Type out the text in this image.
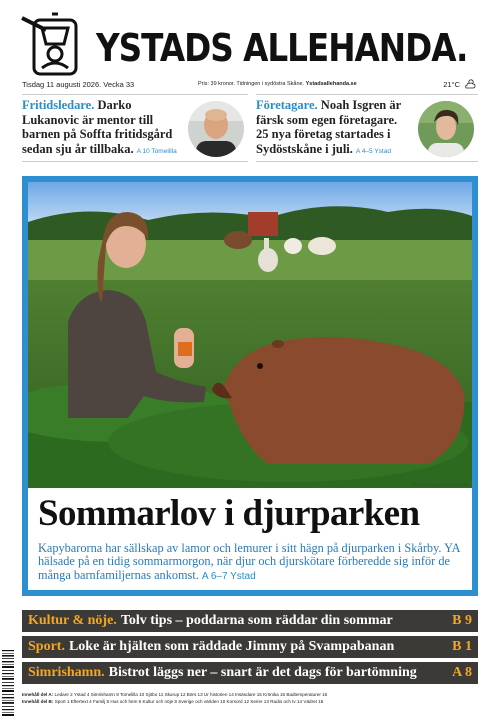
YSTADS ALLEHANDA.
Tisdag 11 augusti 2026. Vecka 33	Pris: 39 kronor. Tidningen i sydöstra Skåne. Ystadsallehanda.se	21°C
Fritidsledare. Darko Lukanovic är mentor till barnen på Soffta fritidsgård sedan sju år tillbaka. A 10 Tomelilla
Företagare. Noah Isgren är färsk som egen företagare. 25 nya företag startades i Sydöstskåne i juli. A 4–5 Ystad
FOTO: FREDRIK SJÖSTRAND
Sommarlov i djurparken
Kapybarorna har sällskap av lamor och lemurer i sitt hägn på djurparken i Skårby. YA hälsade på en tidig sommarmorgon, när djur och djurskötare förberedde sig inför de många barnfamiljernas ankomst. A 6–7 Ystad
Kultur & nöje. Tolv tips – poddarna som räddar din sommar	B 9
Sport. Loke är hjälten som räddade Jimmy på Svampabanan	B 1
Simrishamn. Bistrot läggs ner – snart är det dags för bartömning	A 8
Innehåll del A: Ledare 2 Ystad 4 Simrishamn 8 Tomelilla 10 Sjöbo 11 Skurup 12 Börs 13 Ur historien 14 Insändare 15 Krönika 16 Badtemperaturer 16
Innehåll del B: Sport 1 Eftertext 4 Familj 5 Hus och hem 6 Kultur och nöje 8 Sverige och världen 10 Korsord 12 Serier 13 Radio och tv 14 Vädret 16
